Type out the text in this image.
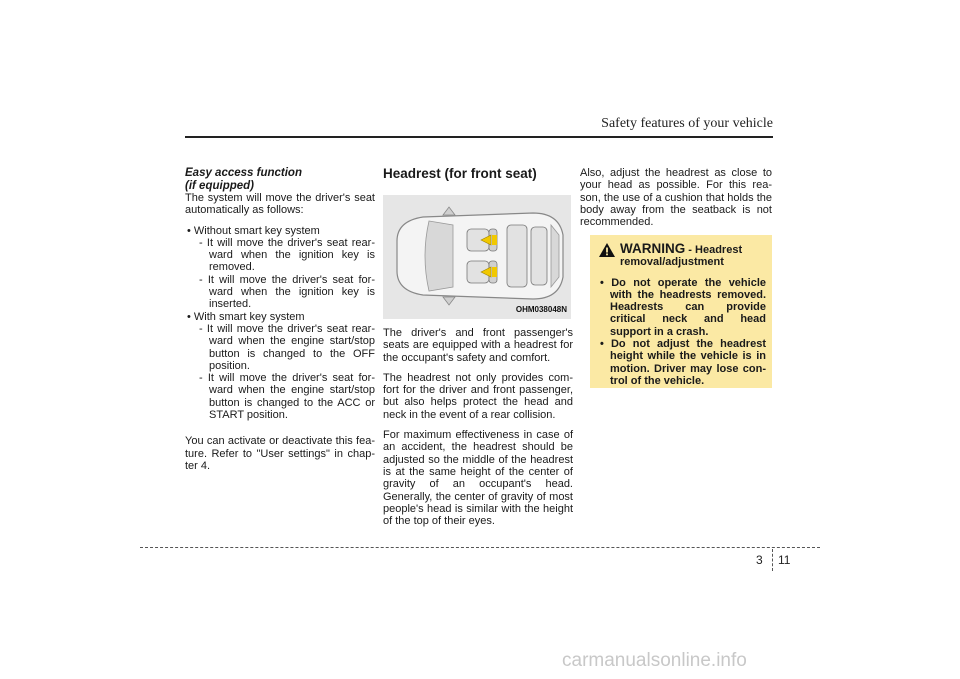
Safety features of your vehicle
Easy access function
(if equipped)

The system will move the driver's seat automatically as follows:

• Without smart key system
- It will move the driver's seat rear-ward when the ignition key is removed.
- It will move the driver's seat for-ward when the ignition key is inserted.
• With smart key system
- It will move the driver's seat rear-ward when the engine start/stop button is changed to the OFF position.
- It will move the driver's seat for-ward when the engine start/stop button is changed to the ACC or START position.

You can activate or deactivate this fea-ture. Refer to "User settings" in chap-ter 4.

Headrest (for front seat)
OHM038048N

The driver's and front passenger's seats are equipped with a headrest for the occupant's safety and comfort.

The headrest not only provides com-fort for the driver and front passenger, but also helps protect the head and neck in the event of a rear collision.

For maximum effectiveness in case of an accident, the headrest should be adjusted so the middle of the headrest is at the same height of the center of gravity of an occupant's head. Generally, the center of gravity of most people's head is similar with the height of the top of their eyes.

Also, adjust the headrest as close to your head as possible. For this rea-son, the use of a cushion that holds the body away from the seatback is not recommended.

WARNING - Headrest removal/adjustment
• Do not operate the vehicle with the headrests removed. Headrests can provide critical neck and head support in a crash.
• Do not adjust the headrest height while the vehicle is in motion. Driver may lose con-trol of the vehicle.
3 11
carmanualsonline.info
